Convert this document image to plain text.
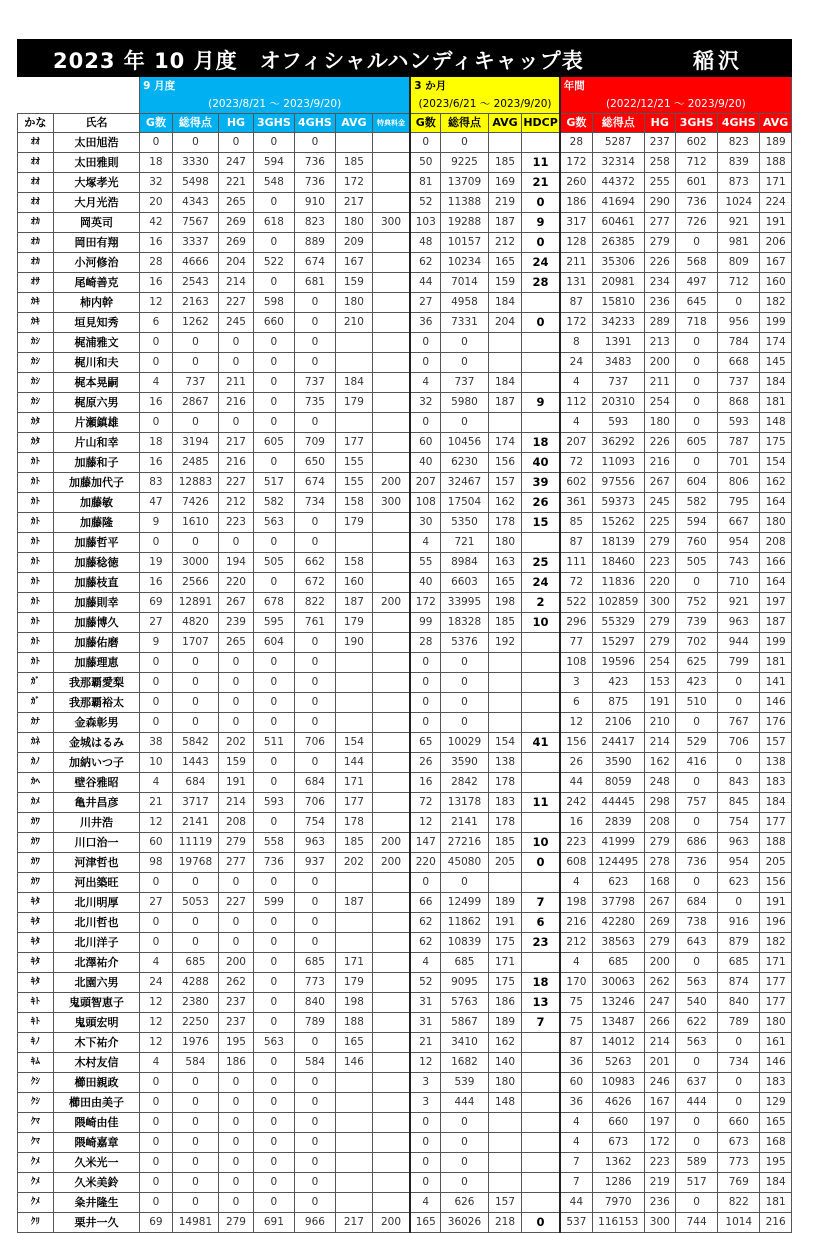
2023 年 10 月度　オフィシャルハンディキャップ表	稲沢
		9 月度							3 か月				年間					
		(2023/8/21 ～ 2023/9/20)							(2023/6/21 ～ 2023/9/20)				(2022/12/21 ～ 2023/9/20)					
かな	氏名	G数	総得点	HG	3GHS	4GHS	AVG	特典料金	G数	総得点	AVG	HDCP	G数	総得点	HG	3GHS	4GHS	AVG
ｵｵ	太田旭浩	0	0	0	0	0			0	0			28	5287	237	602	823	189
ｵｵ	太田雅則	18	3330	247	594	736	185		50	9225	185	11	172	32314	258	712	839	188
ｵｵ	大塚孝光	32	5498	221	548	736	172		81	13709	169	21	260	44372	255	601	873	171
ｵｵ	大月光浩	20	4343	265	0	910	217		52	11388	219	0	186	41694	290	736	1024	224
ｵｶ	岡英司	42	7567	269	618	823	180	300	103	19288	187	9	317	60461	277	726	921	191
ｵｶ	岡田有翔	16	3337	269	0	889	209		48	10157	212	0	128	26385	279	0	981	206
ｵｶ	小河修治	28	4666	204	522	674	167		62	10234	165	24	211	35306	226	568	809	167
ｵｻ	尾崎善克	16	2543	214	0	681	159		44	7014	159	28	131	20981	234	497	712	160
ｶｷ	柿内幹	12	2163	227	598	0	180		27	4958	184		87	15810	236	645	0	182
ｶｷ	垣見知秀	6	1262	245	660	0	210		36	7331	204	0	172	34233	289	718	956	199
ｶｼ	梶浦雅文	0	0	0	0	0			0	0			8	1391	213	0	784	174
ｶｼ	梶川和夫	0	0	0	0	0			0	0			24	3483	200	0	668	145
ｶｼ	梶本晃嗣	4	737	211	0	737	184		4	737	184		4	737	211	0	737	184
ｶｼ	梶原六男	16	2867	216	0	735	179		32	5980	187	9	112	20310	254	0	868	181
ｶﾀ	片瀬鎮雄	0	0	0	0	0			0	0			4	593	180	0	593	148
ｶﾀ	片山和幸	18	3194	217	605	709	177		60	10456	174	18	207	36292	226	605	787	175
ｶﾄ	加藤和子	16	2485	216	0	650	155		40	6230	156	40	72	11093	216	0	701	154
ｶﾄ	加藤加代子	83	12883	227	517	674	155	200	207	32467	157	39	602	97556	267	604	806	162
ｶﾄ	加藤敏	47	7426	212	582	734	158	300	108	17504	162	26	361	59373	245	582	795	164
ｶﾄ	加藤隆	9	1610	223	563	0	179		30	5350	178	15	85	15262	225	594	667	180
ｶﾄ	加藤哲平	0	0	0	0	0			4	721	180		87	18139	279	760	954	208
ｶﾄ	加藤稔徳	19	3000	194	505	662	158		55	8984	163	25	111	18460	223	505	743	166
ｶﾄ	加藤枝直	16	2566	220	0	672	160		40	6603	165	24	72	11836	220	0	710	164
ｶﾄ	加藤則幸	69	12891	267	678	822	187	200	172	33995	198	2	522	102859	300	752	921	197
ｶﾄ	加藤博久	27	4820	239	595	761	179		99	18328	185	10	296	55329	279	739	963	187
ｶﾄ	加藤佑磨	9	1707	265	604	0	190		28	5376	192		77	15297	279	702	944	199
ｶﾄ	加藤理恵	0	0	0	0	0			0	0			108	19596	254	625	799	181
ｶﾞ	我那覇愛梨	0	0	0	0	0			0	0			3	423	153	423	0	141
ｶﾞ	我那覇裕太	0	0	0	0	0			0	0			6	875	191	510	0	146
ｶﾅ	金森彰男	0	0	0	0	0			0	0			12	2106	210	0	767	176
ｶﾈ	金城はるみ	38	5842	202	511	706	154		65	10029	154	41	156	24417	214	529	706	157
ｶﾉ	加納いつ子	10	1443	159	0	0	144		26	3590	138		26	3590	162	416	0	138
ｶﾍ	壁谷雅昭	4	684	191	0	684	171		16	2842	178		44	8059	248	0	843	183
ｶﾒ	亀井昌彦	21	3717	214	593	706	177		72	13178	183	11	242	44445	298	757	845	184
ｶﾜ	川井浩	12	2141	208	0	754	178		12	2141	178		16	2839	208	0	754	177
ｶﾜ	川口治一	60	11119	279	558	963	185	200	147	27216	185	10	223	41999	279	686	963	188
ｶﾜ	河津哲也	98	19768	277	736	937	202	200	220	45080	205	0	608	124495	278	736	954	205
ｶﾜ	河出築旺	0	0	0	0	0			0	0			4	623	168	0	623	156
ｷﾀ	北川明厚	27	5053	227	599	0	187		66	12499	189	7	198	37798	267	684	0	191
ｷﾀ	北川哲也	0	0	0	0	0			62	11862	191	6	216	42280	269	738	916	196
ｷﾀ	北川洋子	0	0	0	0	0			62	10839	175	23	212	38563	279	643	879	182
ｷﾀ	北澤祐介	4	685	200	0	685	171		4	685	171		4	685	200	0	685	171
ｷﾀ	北園六男	24	4288	262	0	773	179		52	9095	175	18	170	30063	262	563	874	177
ｷﾄ	鬼頭智恵子	12	2380	237	0	840	198		31	5763	186	13	75	13246	247	540	840	177
ｷﾄ	鬼頭宏明	12	2250	237	0	789	188		31	5867	189	7	75	13487	266	622	789	180
ｷﾉ	木下祐介	12	1976	195	563	0	165		21	3410	162		87	14012	214	563	0	161
ｷﾑ	木村友信	4	584	186	0	584	146		12	1682	140		36	5263	201	0	734	146
ｸｼ	櫛田親政	0	0	0	0	0			3	539	180		60	10983	246	637	0	183
ｸｼ	櫛田由美子	0	0	0	0	0			3	444	148		36	4626	167	444	0	129
ｸﾏ	隈崎由佳	0	0	0	0	0			0	0			4	660	197	0	660	165
ｸﾏ	隈崎嘉章	0	0	0	0	0			0	0			4	673	172	0	673	168
ｸﾒ	久米光一	0	0	0	0	0			0	0			7	1362	223	589	773	195
ｸﾒ	久米美鈴	0	0	0	0	0			0	0			7	1286	219	517	769	184
ｸﾒ	粂井隆生	0	0	0	0	0			4	626	157		44	7970	236	0	822	181
ｸﾘ	栗井一久	69	14981	279	691	966	217	200	165	36026	218	0	537	116153	300	744	1014	216
